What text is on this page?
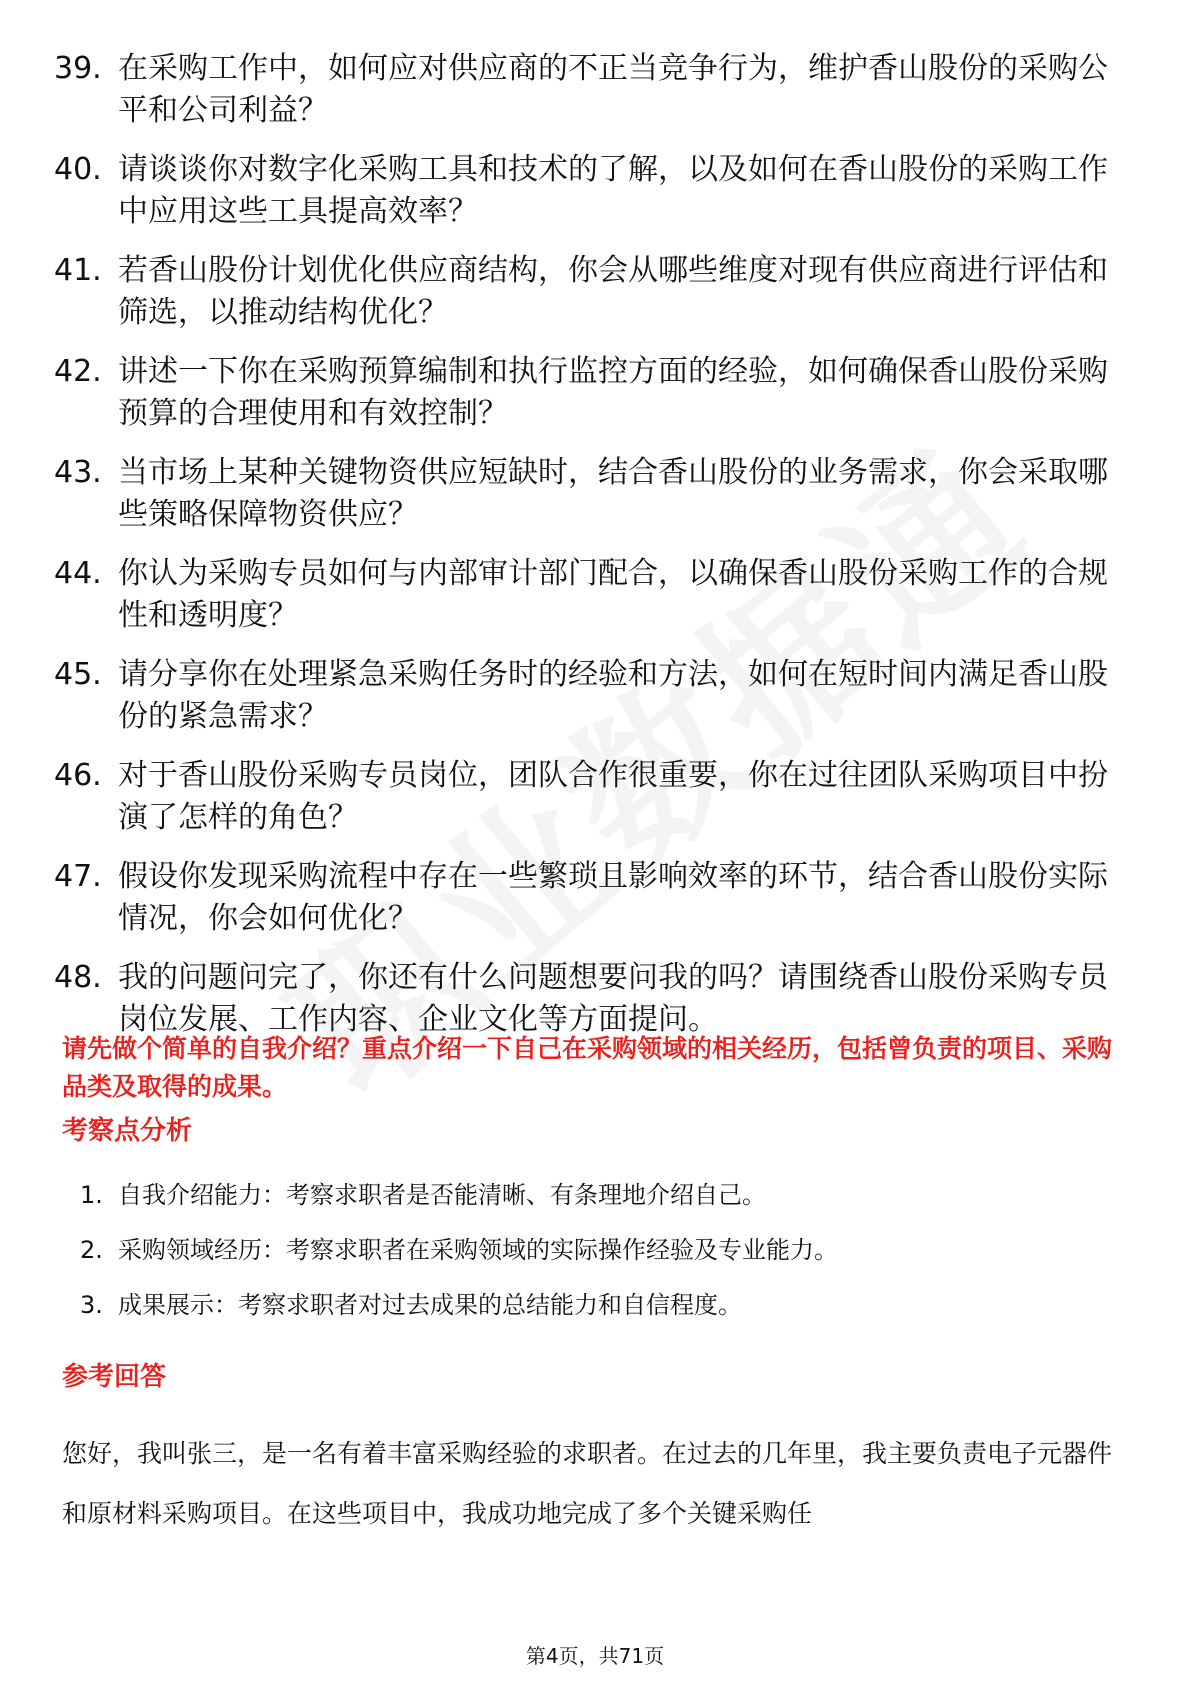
39. 在采购工作中，如何应对供应商的不正当竞争行为，维护香山股份的采购公平和公司利益？
40. 请谈谈你对数字化采购工具和技术的了解，以及如何在香山股份的采购工作中应用这些工具提高效率？
41. 若香山股份计划优化供应商结构，你会从哪些维度对现有供应商进行评估和筛选，以推动结构优化？
42. 讲述一下你在采购预算编制和执行监控方面的经验，如何确保香山股份采购预算的合理使用和有效控制？
43. 当市场上某种关键物资供应短缺时，结合香山股份的业务需求，你会采取哪些策略保障物资供应？
44. 你认为采购专员如何与内部审计部门配合，以确保香山股份采购工作的合规性和透明度？
45. 请分享你在处理紧急采购任务时的经验和方法，如何在短时间内满足香山股份的紧急需求？
46. 对于香山股份采购专员岗位，团队合作很重要，你在过往团队采购项目中扮演了怎样的角色？
47. 假设你发现采购流程中存在一些繁琐且影响效率的环节，结合香山股份实际情况，你会如何优化？
48. 我的问题问完了，你还有什么问题想要问我的吗？请围绕香山股份采购专员岗位发展、工作内容、企业文化等方面提问。
请先做个简单的自我介绍？重点介绍一下自己在采购领域的相关经历，包括曾负责的项目、采购品类及取得的成果。
考察点分析
1. 自我介绍能力：考察求职者是否能清晰、有条理地介绍自己。
2. 采购领域经历：考察求职者在采购领域的实际操作经验及专业能力。
3. 成果展示：考察求职者对过去成果的总结能力和自信程度。
参考回答
您好，我叫张三，是一名有着丰富采购经验的求职者。在过去的几年里，我主要负责电子元器件和原材料采购项目。在这些项目中，我成功地完成了多个关键采购任
第4页，共71页
